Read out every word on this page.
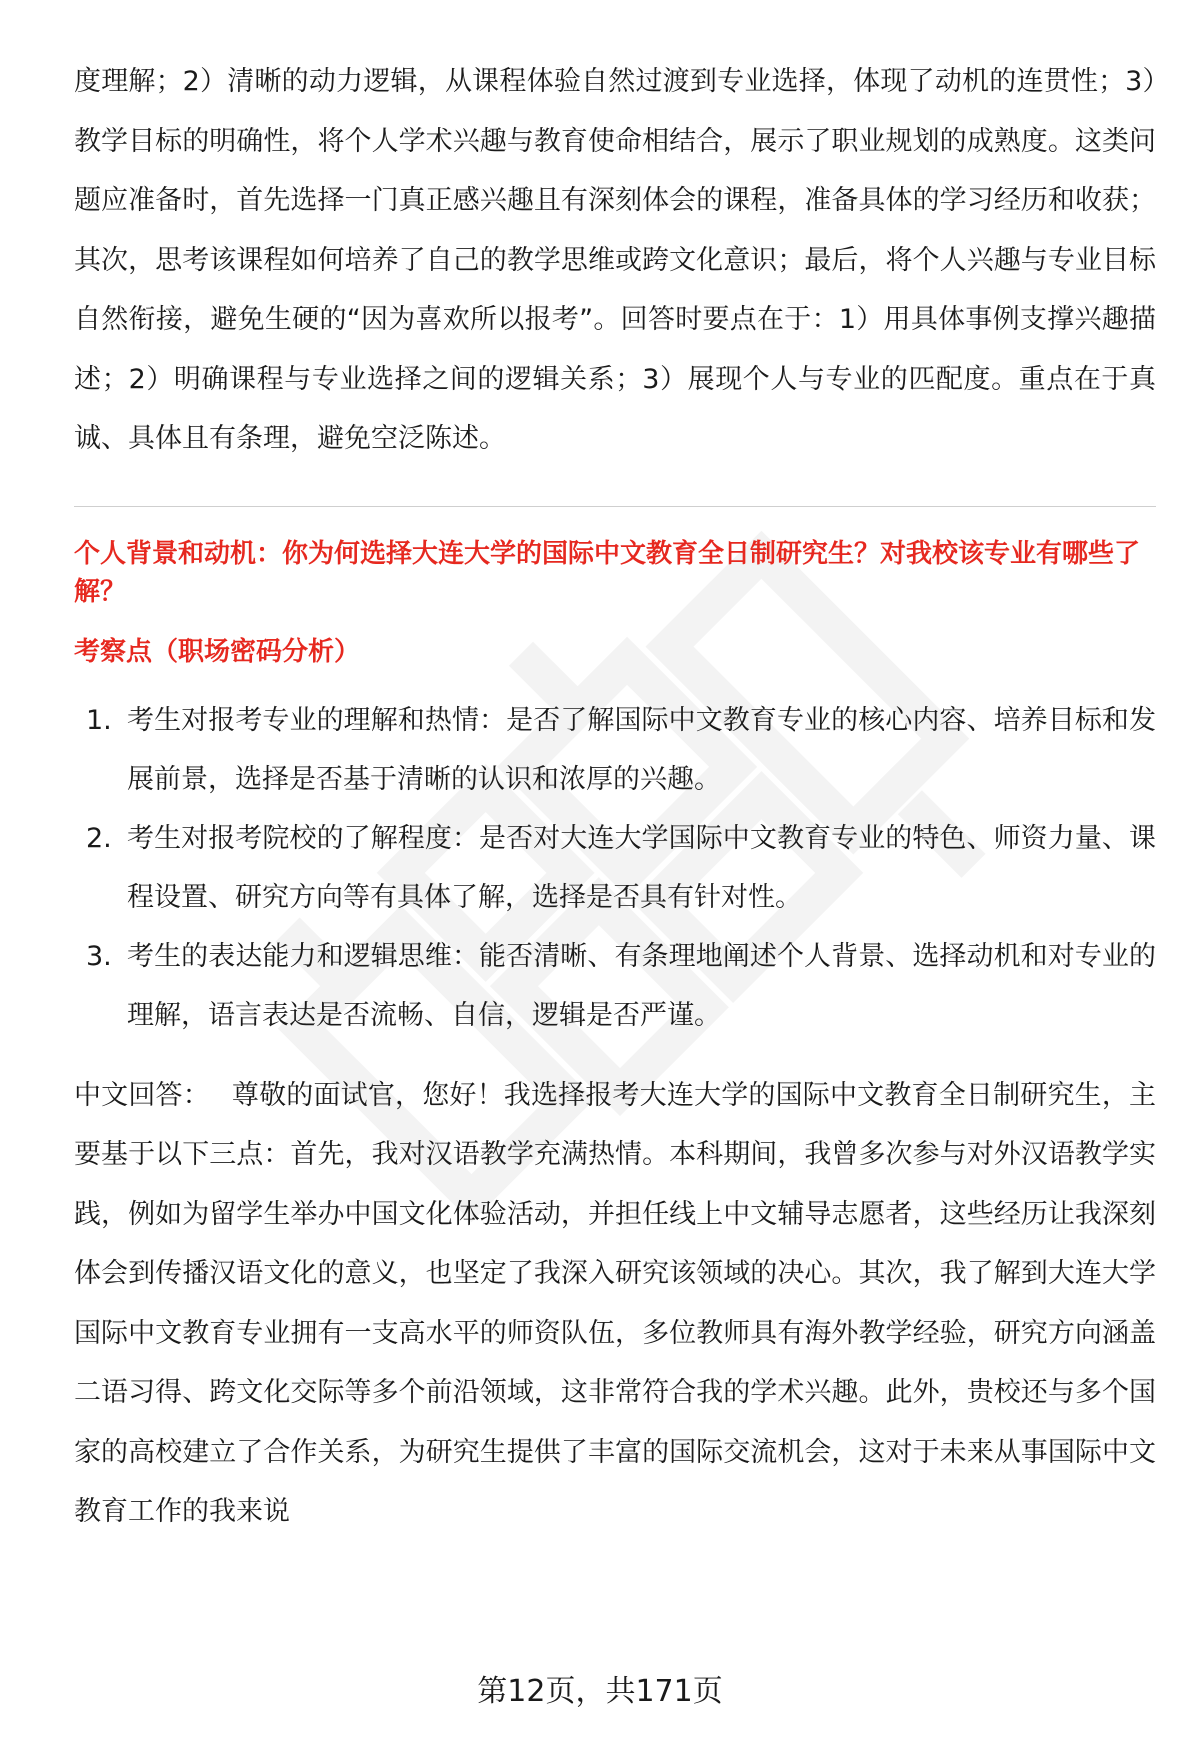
度理解；2）清晰的动力逻辑，从课程体验自然过渡到专业选择，体现了动机的连贯性；3）教学目标的明确性，将个人学术兴趣与教育使命相结合，展示了职业规划的成熟度。这类问题应准备时，首先选择一门真正感兴趣且有深刻体会的课程，准备具体的学习经历和收获；其次，思考该课程如何培养了自己的教学思维或跨文化意识；最后，将个人兴趣与专业目标自然衔接，避免生硬的“因为喜欢所以报考”。回答时要点在于：1）用具体事例支撑兴趣描述；2）明确课程与专业选择之间的逻辑关系；3）展现个人与专业的匹配度。重点在于真诚、具体且有条理，避免空泛陈述。

个人背景和动机：你为何选择大连大学的国际中文教育全日制研究生？对我校该专业有哪些了解？

考察点（职场密码分析）

1. 考生对报考专业的理解和热情：是否了解国际中文教育专业的核心内容、培养目标和发展前景，选择是否基于清晰的认识和浓厚的兴趣。
2. 考生对报考院校的了解程度：是否对大连大学国际中文教育专业的特色、师资力量、课程设置、研究方向等有具体了解，选择是否具有针对性。
3. 考生的表达能力和逻辑思维：能否清晰、有条理地阐述个人背景、选择动机和对专业的理解，语言表达是否流畅、自信，逻辑是否严谨。

中文回答： 尊敬的面试官，您好！我选择报考大连大学的国际中文教育全日制研究生，主要基于以下三点：首先，我对汉语教学充满热情。本科期间，我曾多次参与对外汉语教学实践，例如为留学生举办中国文化体验活动，并担任线上中文辅导志愿者，这些经历让我深刻体会到传播汉语文化的意义，也坚定了我深入研究该领域的决心。其次，我了解到大连大学国际中文教育专业拥有一支高水平的师资队伍，多位教师具有海外教学经验，研究方向涵盖二语习得、跨文化交际等多个前沿领域，这非常符合我的学术兴趣。此外，贵校还与多个国家的高校建立了合作关系，为研究生提供了丰富的国际交流机会，这对于未来从事国际中文教育工作的我来说

第12页，共171页
